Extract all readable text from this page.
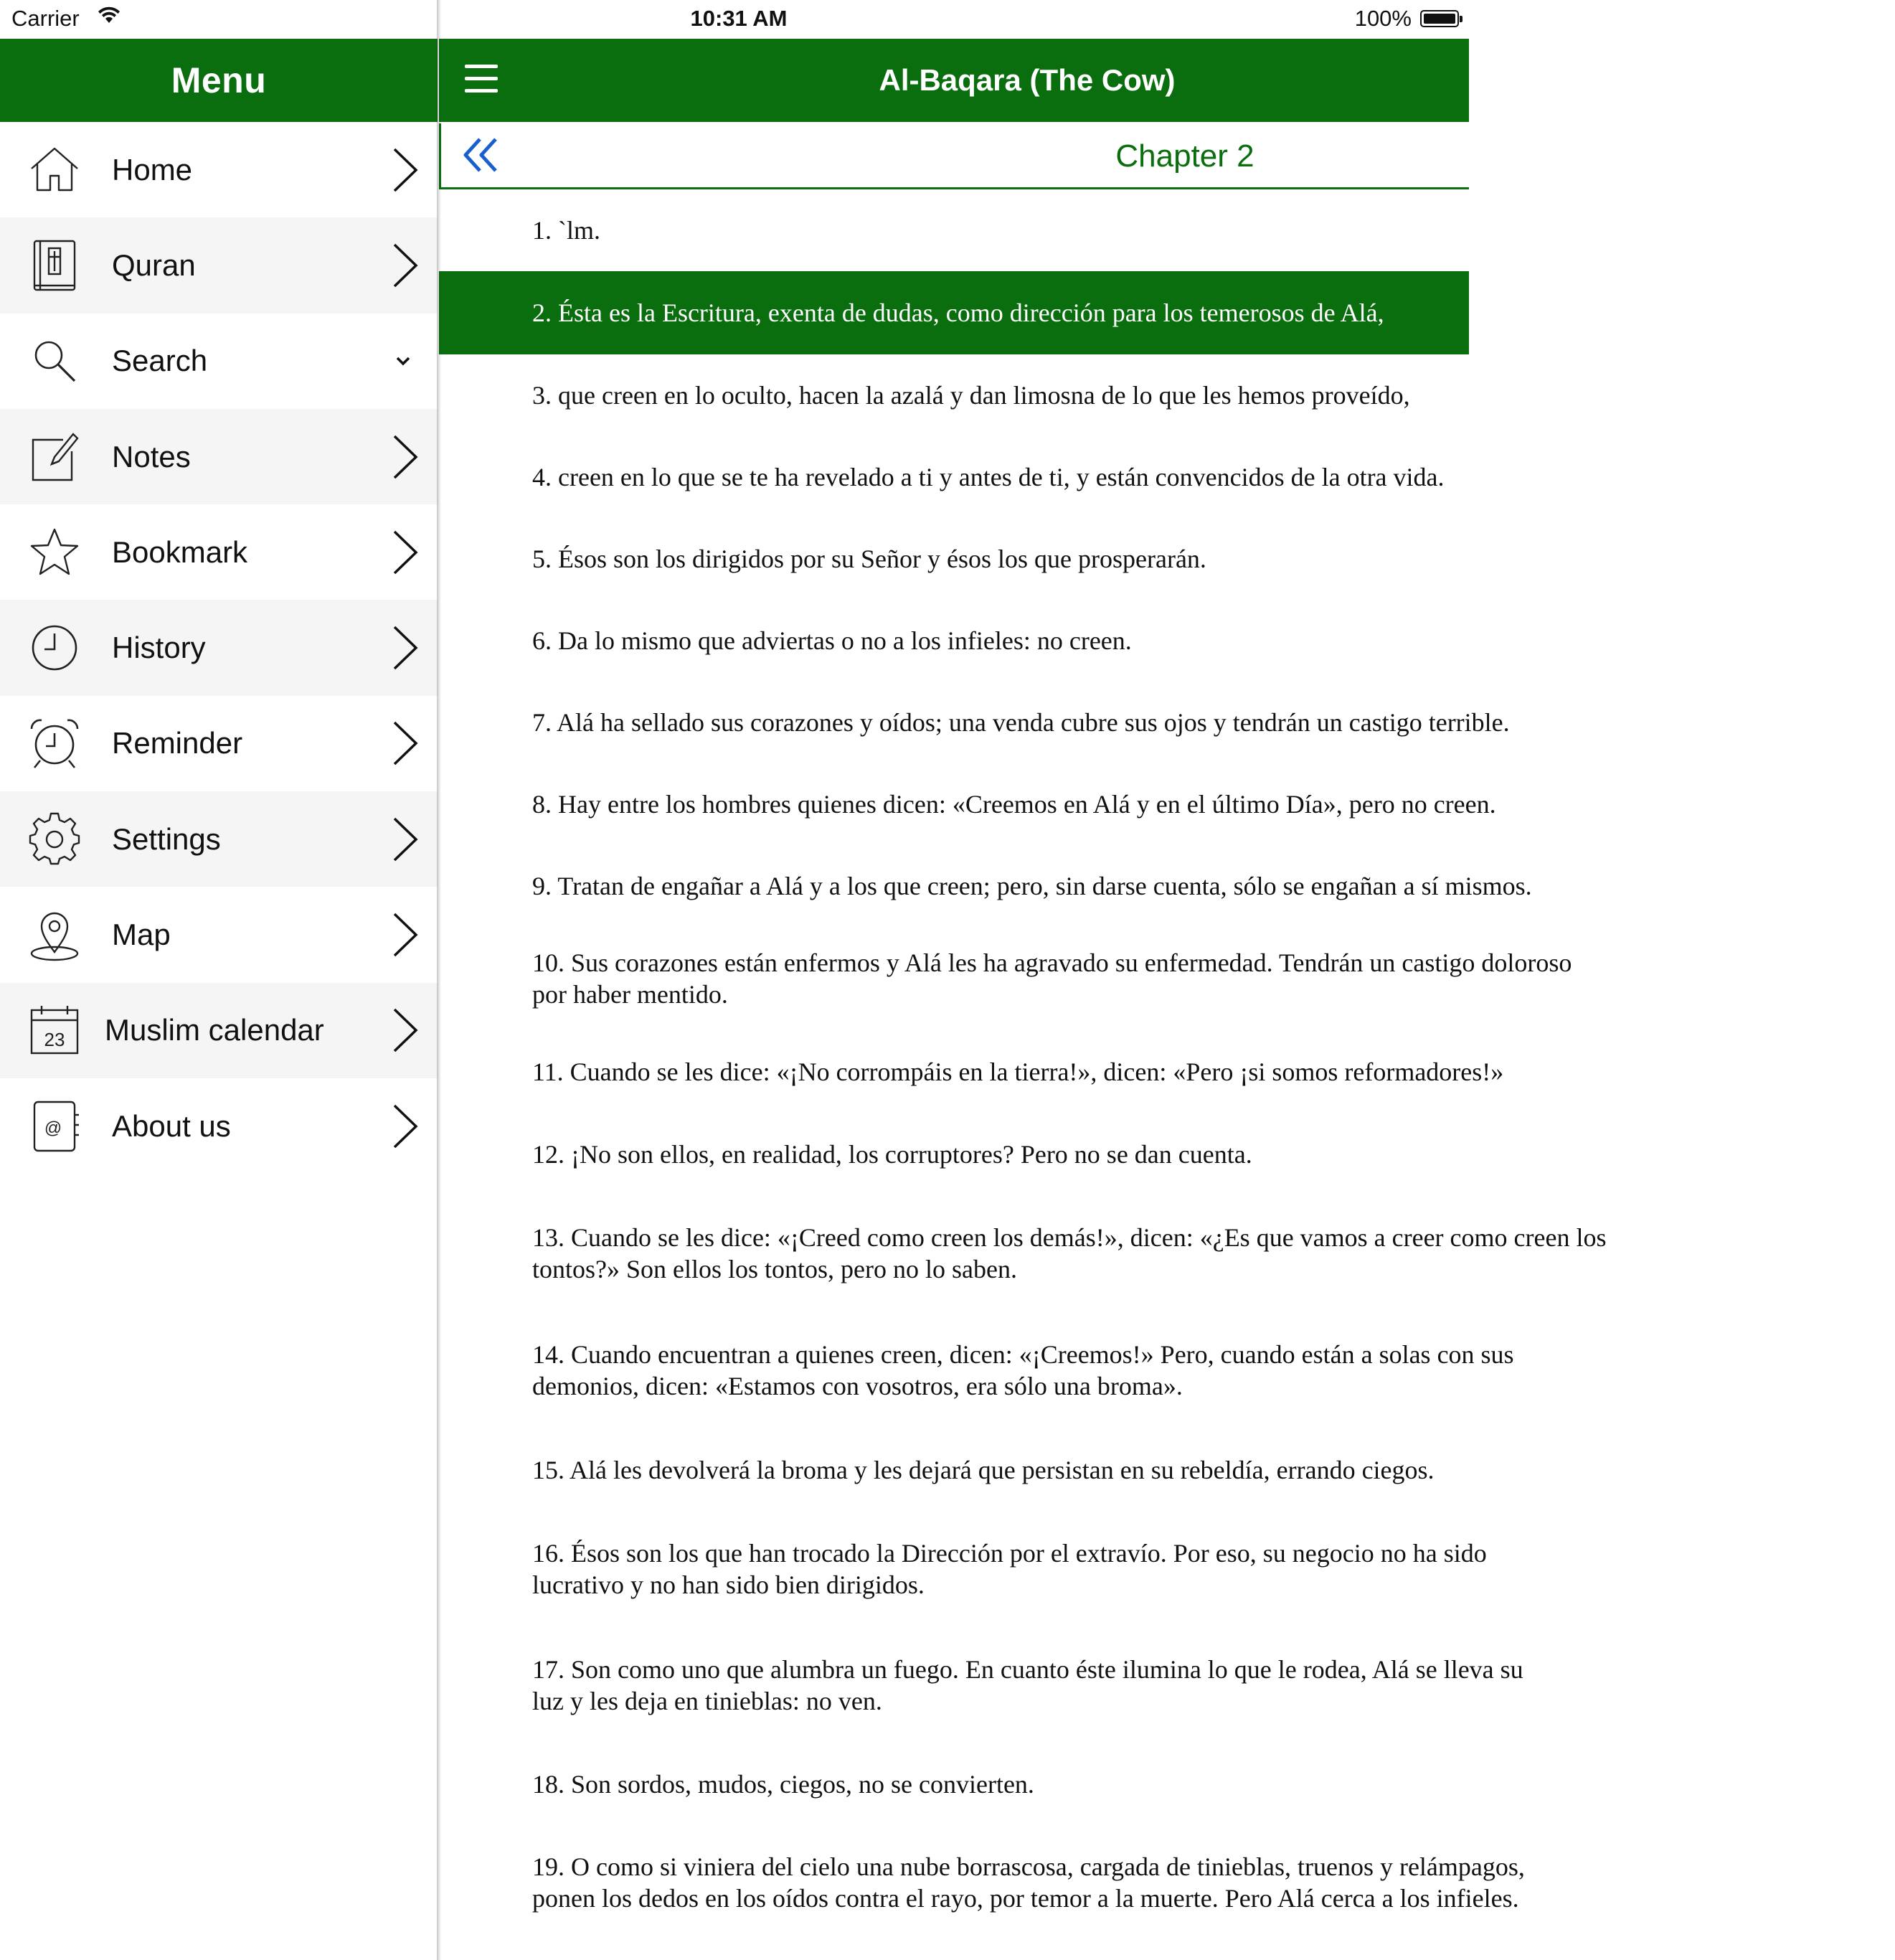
Carrier	10:31 AM	100%
Menu
Home
Quran
Search
Notes
Bookmark
History
Reminder
Settings
Map
23 Muslim calendar
@ About us
Al-Baqara (The Cow)
Chapter 2
1. `lm.
2. Ésta es la Escritura, exenta de dudas, como dirección para los temerosos de Alá,
3. que creen en lo oculto, hacen la azalá y dan limosna de lo que les hemos proveído,
4. creen en lo que se te ha revelado a ti y antes de ti, y están convencidos de la otra vida.
5. Ésos son los dirigidos por su Señor y ésos los que prosperarán.
6. Da lo mismo que adviertas o no a los infieles: no creen.
7. Alá ha sellado sus corazones y oídos; una venda cubre sus ojos y tendrán un castigo terrible.
8. Hay entre los hombres quienes dicen: «Creemos en Alá y en el último Día», pero no creen.
9. Tratan de engañar a Alá y a los que creen; pero, sin darse cuenta, sólo se engañan a sí mismos.
10. Sus corazones están enfermos y Alá les ha agravado su enfermedad. Tendrán un castigo doloroso
por haber mentido.
11. Cuando se les dice: «¡No corrompáis en la tierra!», dicen: «Pero ¡si somos reformadores!»
12. ¡No son ellos, en realidad, los corruptores? Pero no se dan cuenta.
13. Cuando se les dice: «¡Creed como creen los demás!», dicen: «¿Es que vamos a creer como creen los
tontos?» Son ellos los tontos, pero no lo saben.
14. Cuando encuentran a quienes creen, dicen: «¡Creemos!» Pero, cuando están a solas con sus
demonios, dicen: «Estamos con vosotros, era sólo una broma».
15. Alá les devolverá la broma y les dejará que persistan en su rebeldía, errando ciegos.
16. Ésos son los que han trocado la Dirección por el extravío. Por eso, su negocio no ha sido
lucrativo y no han sido bien dirigidos.
17. Son como uno que alumbra un fuego. En cuanto éste ilumina lo que le rodea, Alá se lleva su
luz y les deja en tinieblas: no ven.
18. Son sordos, mudos, ciegos, no se convierten.
19. O como si viniera del cielo una nube borrascosa, cargada de tinieblas, truenos y relámpagos,
ponen los dedos en los oídos contra el rayo, por temor a la muerte. Pero Alá cerca a los infieles.
